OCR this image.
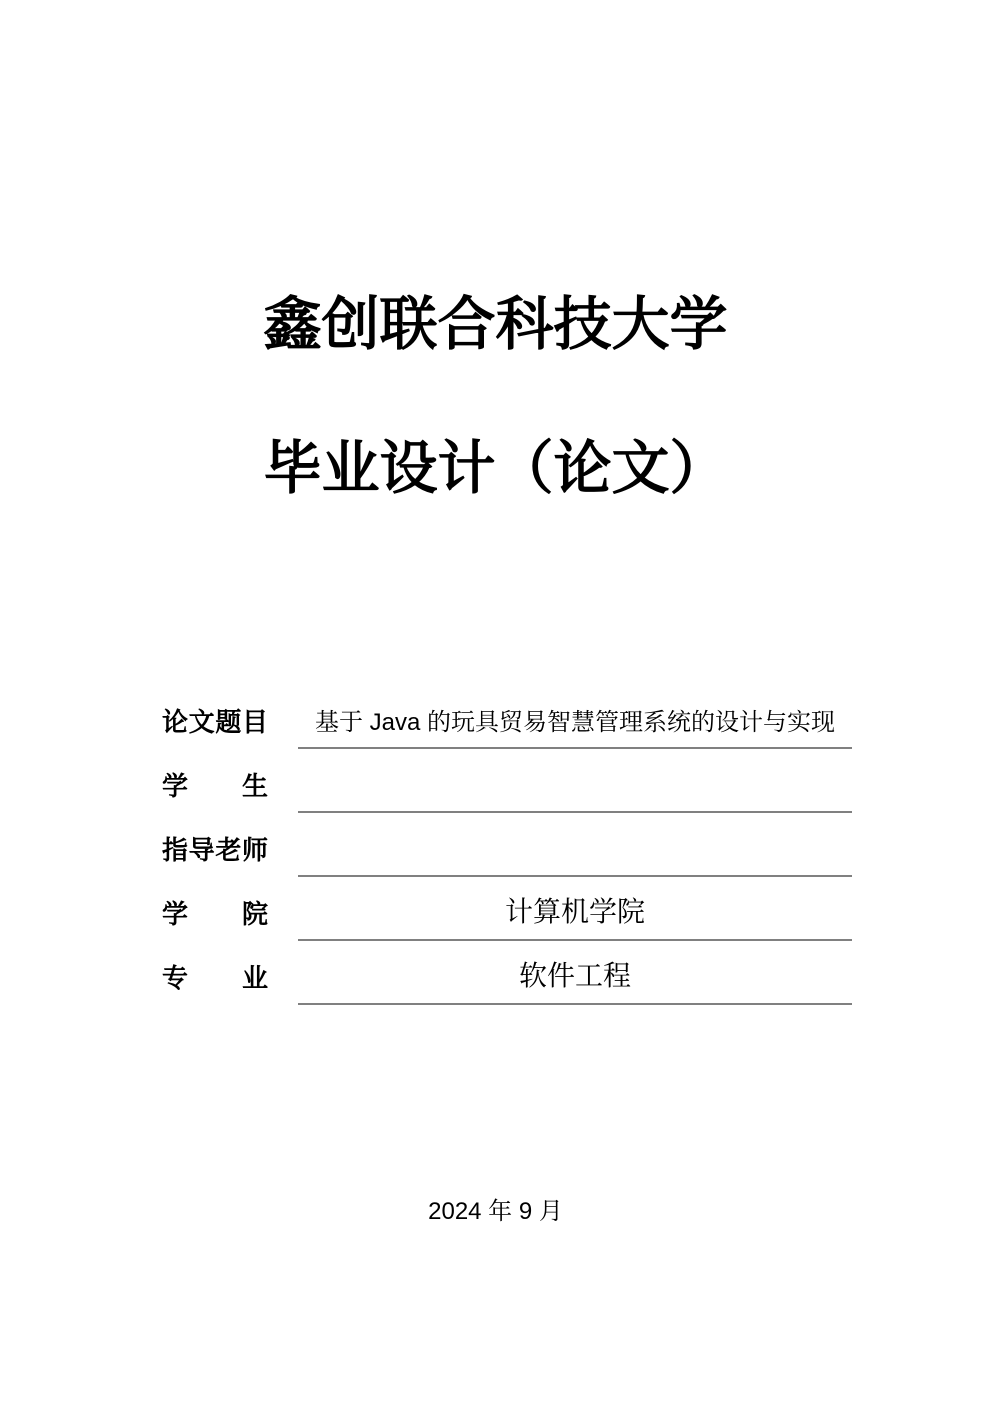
鑫创联合科技大学
毕业设计（论文）
论文题目	基于 Java 的玩具贸易智慧管理系统的设计与实现
学　生
指导老师
学　院	计算机学院
专　业	软件工程
2024 年 9 月
